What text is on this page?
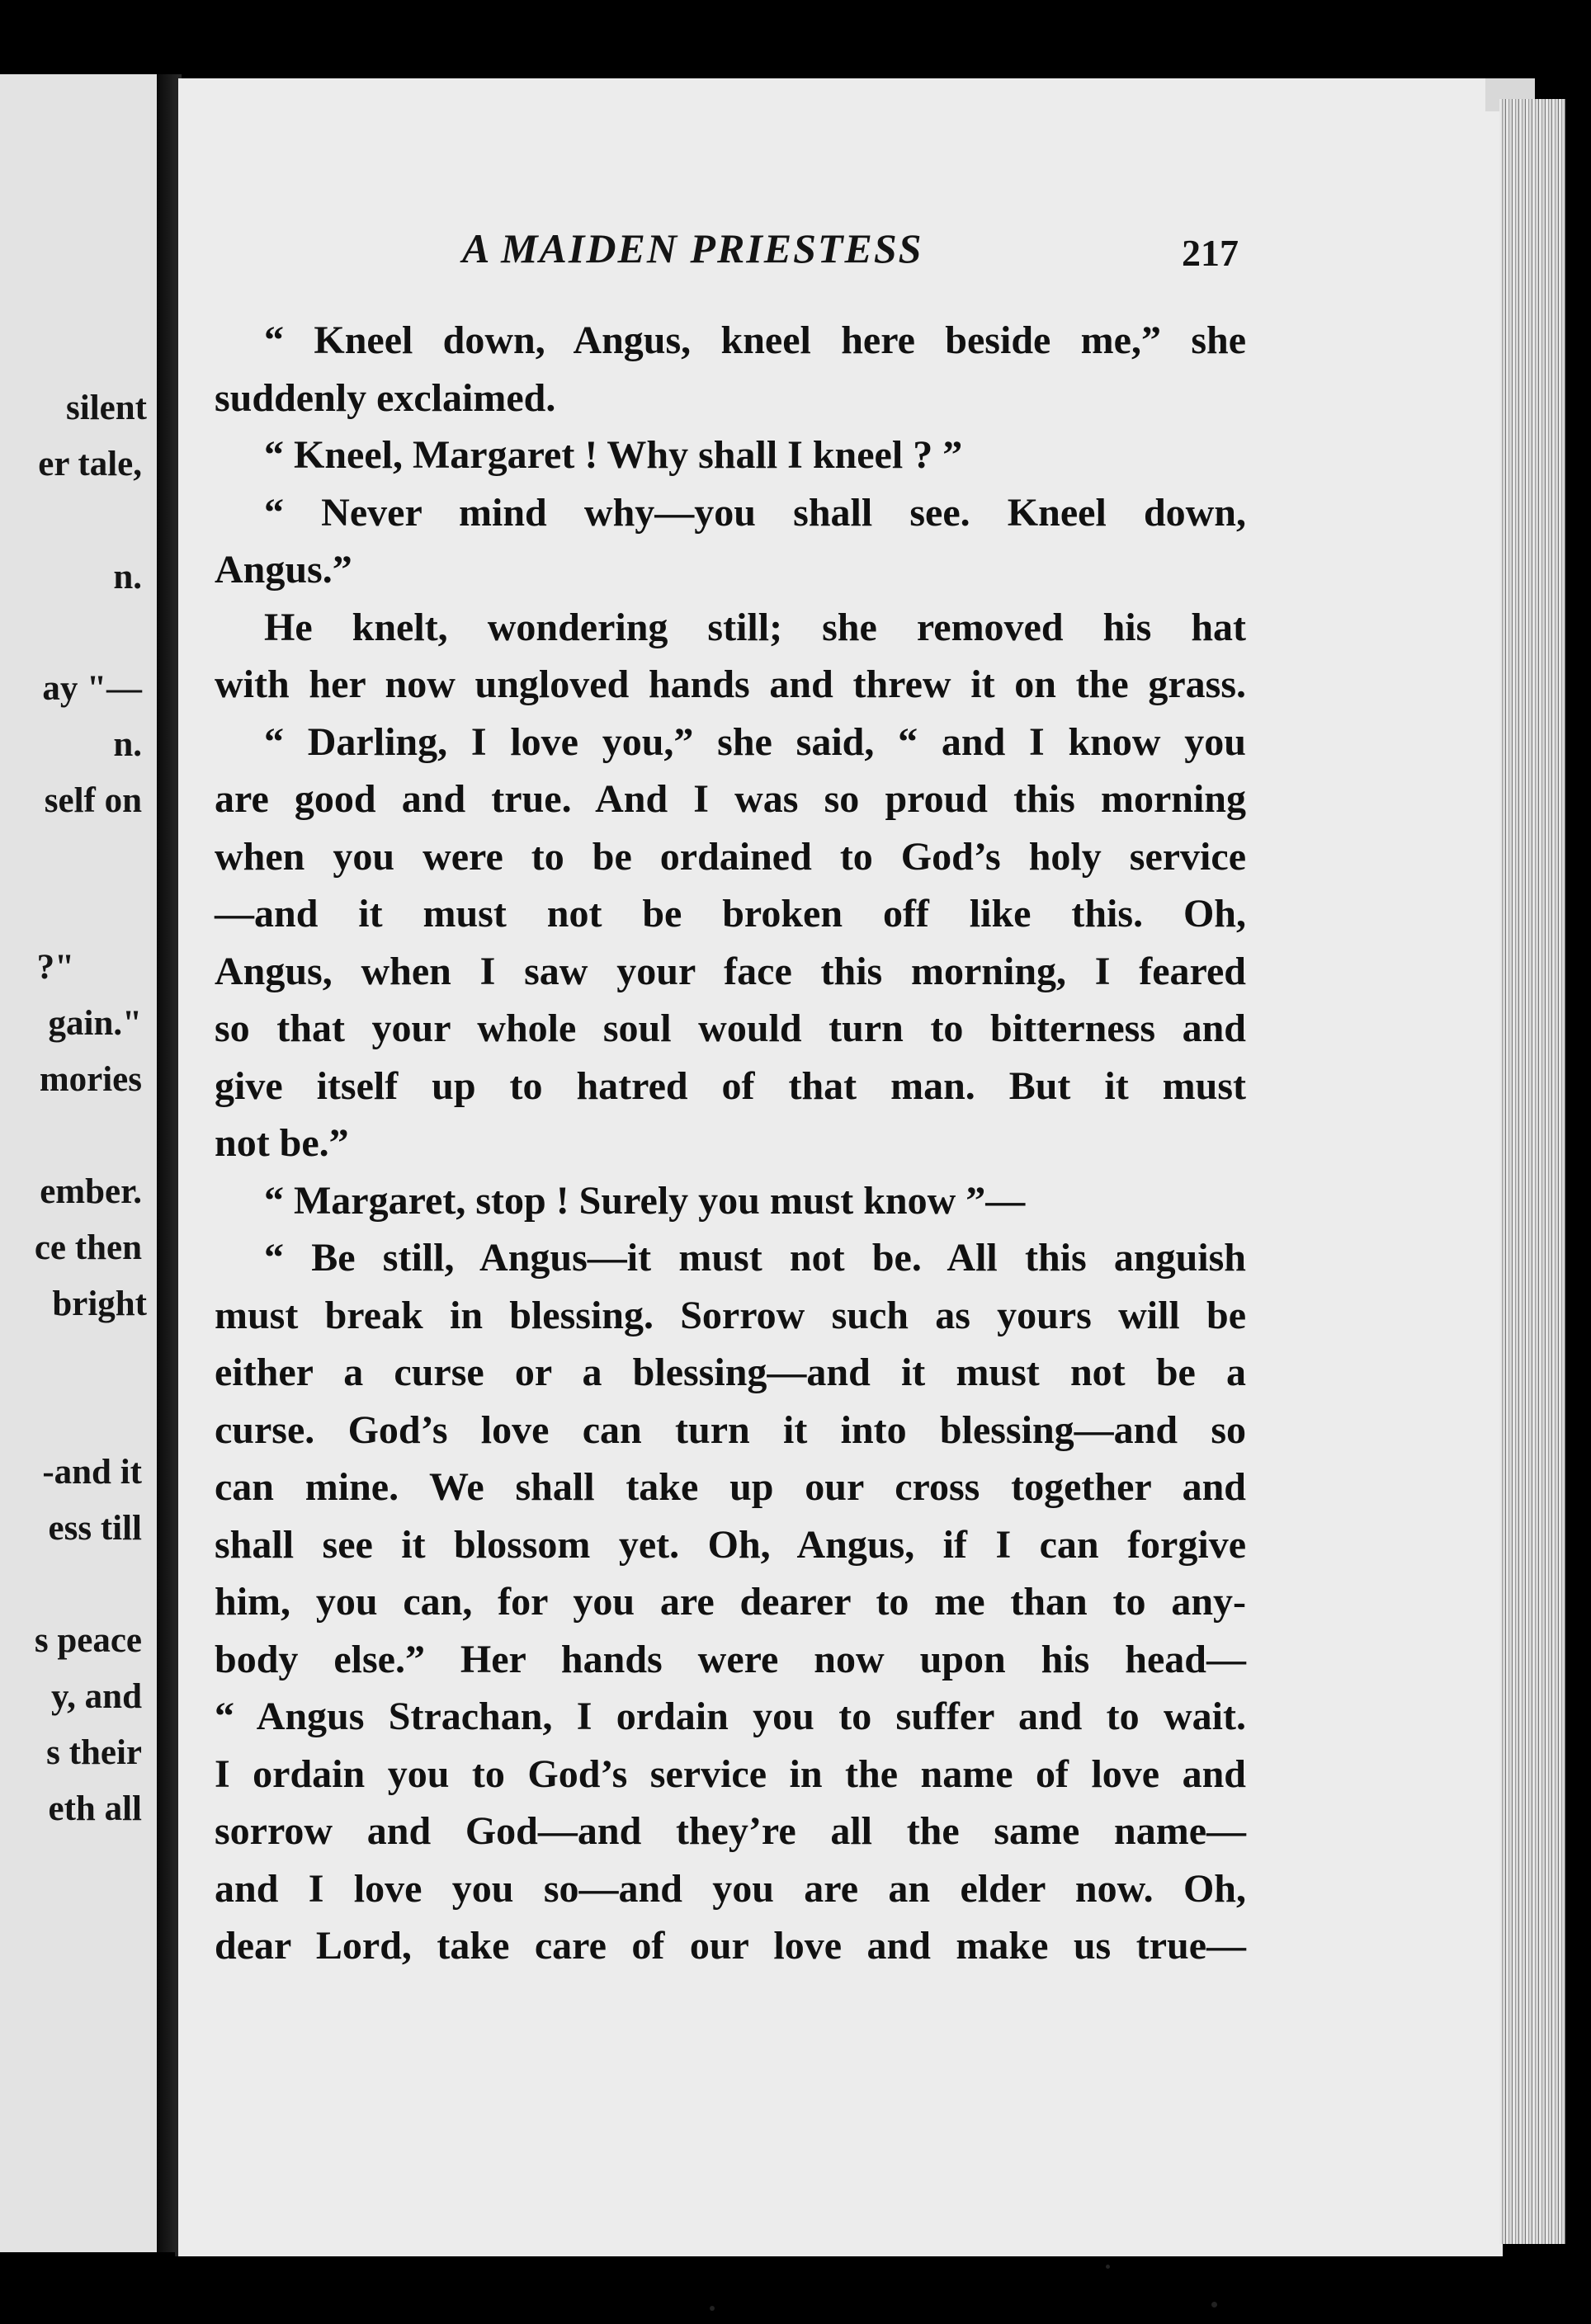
silent
er tale,
n.
ay "—
n.
self on
?"
gain."
mories
ember.
ce then
bright
-and it
ess till
s peace
y, and
s their
eth all
A MAIDEN PRIESTESS	217
“ Kneel down, Angus, kneel here beside me,” she
suddenly exclaimed.
“ Kneel, Margaret ! Why shall I kneel ? ”
“ Never mind why—you shall see. Kneel down,
Angus.”
He knelt, wondering still; she removed his hat
with her now ungloved hands and threw it on the grass.
“ Darling, I love you,” she said, “ and I know you
are good and true. And I was so proud this morning
when you were to be ordained to God’s holy service
—and it must not be broken off like this. Oh,
Angus, when I saw your face this morning, I feared
so that your whole soul would turn to bitterness and
give itself up to hatred of that man. But it must
not be.”
“ Margaret, stop ! Surely you must know ”—
“ Be still, Angus—it must not be. All this anguish
must break in blessing. Sorrow such as yours will be
either a curse or a blessing—and it must not be a
curse. God’s love can turn it into blessing—and so
can mine. We shall take up our cross together and
shall see it blossom yet. Oh, Angus, if I can forgive
him, you can, for you are dearer to me than to any-
body else.” Her hands were now upon his head—
“ Angus Strachan, I ordain you to suffer and to wait.
I ordain you to God’s service in the name of love and
sorrow and God—and they’re all the same name—
and I love you so—and you are an elder now. Oh,
dear Lord, take care of our love and make us true—
